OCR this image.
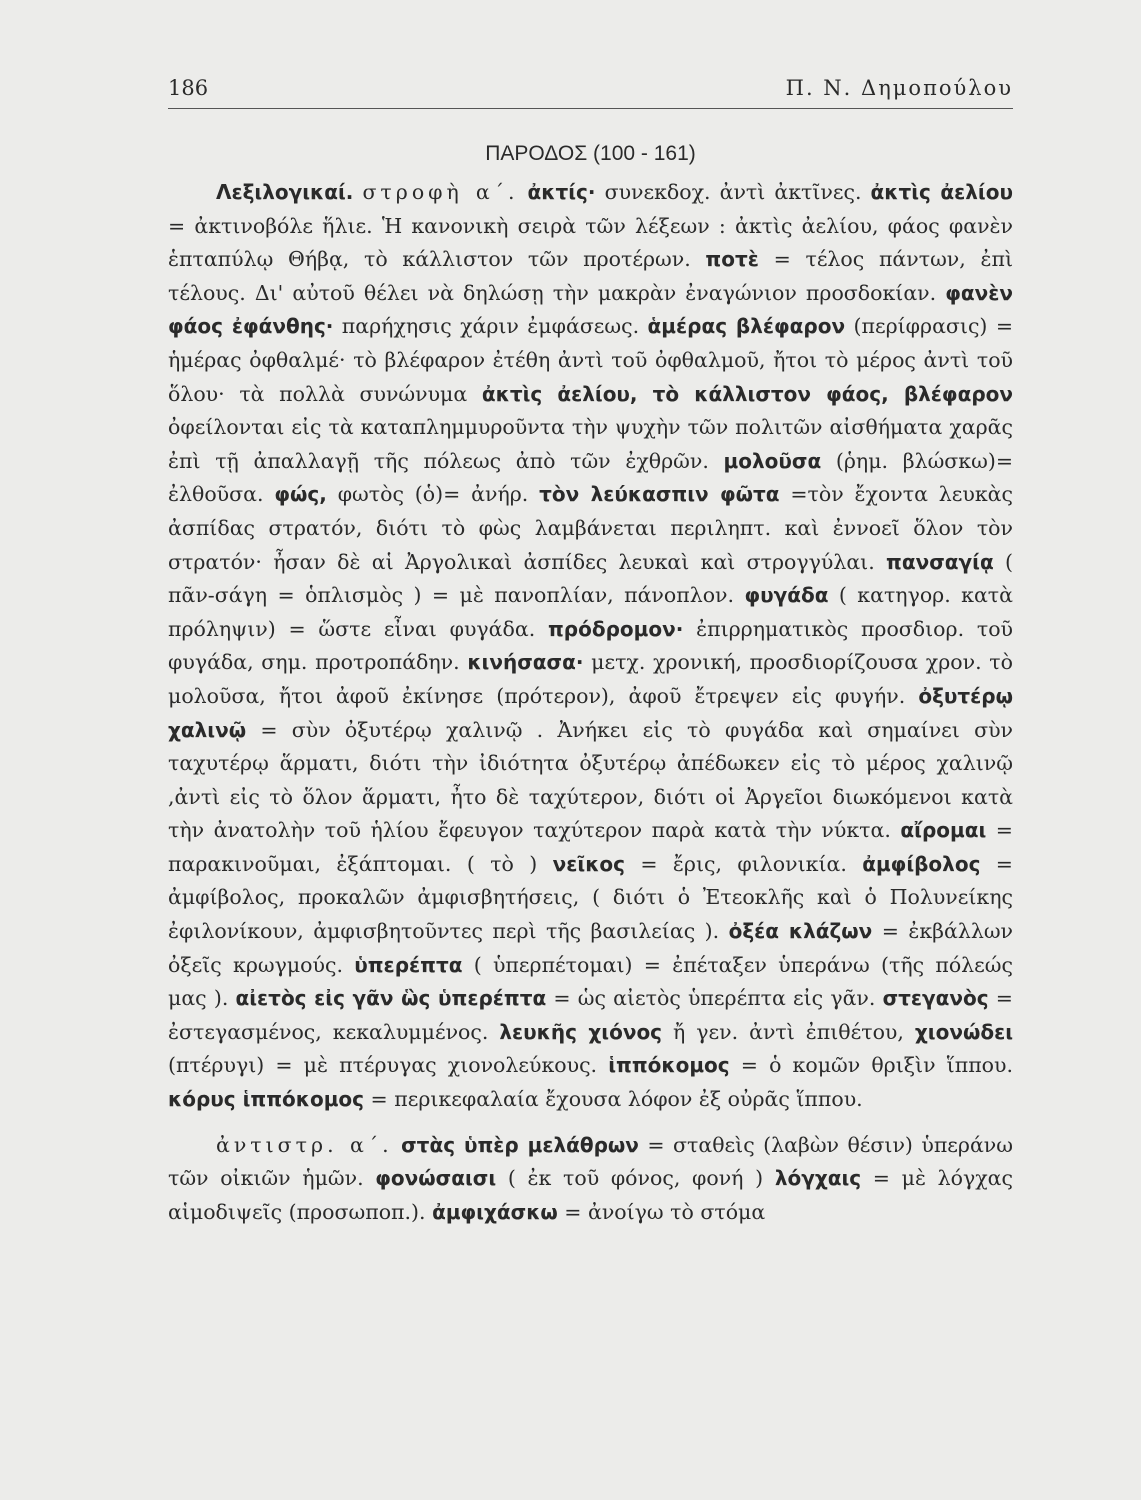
186	Π. Ν. Δημοπούλου
ΠΑΡΟΔΟΣ (100 - 161)

Λεξιλογικαί. στροφὴ α΄. ἀκτίς· συνεκδοχ. ἀντὶ ἀκτῖνες. ἀκτὶς ἀελίου = ἀκτινοβόλε ἥλιε. Ἡ κανονικὴ σειρὰ τῶν λέξεων : ἀκτὶς ἀελίου, φάος φανὲν ἑπταπύλῳ Θήβᾳ, τὸ κάλλιστον τῶν προτέρων. ποτὲ = τέλος πάντων, ἐπὶ τέλους. Δι' αὐτοῦ θέλει νὰ δηλώσῃ τὴν μακρὰν ἐναγώνιον προσδοκίαν. φανὲν φάος ἐφάνθης· παρήχησις χάριν ἐμφάσεως. ἁμέρας βλέφαρον (περίφρασις) = ἡμέρας ὀφθαλμέ· τὸ βλέφαρον ἐτέθη ἀντὶ τοῦ ὀφθαλμοῦ, ἤτοι τὸ μέρος ἀντὶ τοῦ ὅλου· τὰ πολλὰ συνώνυμα ἀκτὶς ἀελίου, τὸ κάλλιστον φάος, βλέφαρον ὀφείλονται εἰς τὰ καταπλημμυροῦντα τὴν ψυχὴν τῶν πολιτῶν αἰσθήματα χαρᾶς ἐπὶ τῇ ἀπαλλαγῇ τῆς πόλεως ἀπὸ τῶν ἐχθρῶν. μολοῦσα (ῥημ. βλώσκω)= ἐλθοῦσα. φώς, φωτὸς (ὁ)= ἀνήρ. τὸν λεύκασπιν φῶτα =τὸν ἔχοντα λευκὰς ἀσπίδας στρατόν, διότι τὸ φὼς λαμβάνεται περιληπτ. καὶ ἐννοεῖ ὅλον τὸν στρατόν· ἦσαν δὲ αἱ Ἀργολικαὶ ἀσπίδες λευκαὶ καὶ στρογγύλαι. πανσαγίᾳ ( πᾶν-σάγη = ὁπλισμὸς ) = μὲ πανοπλίαν, πάνοπλον. φυγάδα ( κατηγορ. κατὰ πρόληψιν) = ὥστε εἶναι φυγάδα. πρόδρομον· ἐπιρρηματικὸς προσδιορ. τοῦ φυγάδα, σημ. προτροπάδην. κινήσασα· μετχ. χρονική, προσδιορίζουσα χρον. τὸ μολοῦσα, ἤτοι ἀφοῦ ἐκίνησε (πρότερον), ἀφοῦ ἔτρεψεν εἰς φυγήν. ὀξυτέρῳ χαλινῷ = σὺν ὀξυτέρῳ χαλινῷ . Ἀνήκει εἰς τὸ φυγάδα καὶ σημαίνει σὺν ταχυτέρῳ ἅρματι, διότι τὴν ἰδιότητα ὀξυτέρῳ ἀπέδωκεν εἰς τὸ μέρος χαλινῷ ,ἀντὶ εἰς τὸ ὅλον ἅρματι, ἦτο δὲ ταχύτερον, διότι οἱ Ἀργεῖοι διωκόμενοι κατὰ τὴν ἀνατολὴν τοῦ ἡλίου ἔφευγον ταχύτερον παρὰ κατὰ τὴν νύκτα. αἴρομαι = παρακινοῦμαι, ἐξάπτομαι. ( τὸ ) νεῖκος = ἔρις, φιλονικία. ἀμφίβολος = ἀμφίβολος, προκαλῶν ἀμφισβητήσεις, ( διότι ὁ Ἐτεοκλῆς καὶ ὁ Πολυνείκης ἐφιλονίκουν, ἀμφισβητοῦντες περὶ τῆς βασιλείας ). ὀξέα κλάζων = ἐκβάλλων ὀξεῖς κρωγμούς. ὑπερέπτα ( ὑπερπέτομαι) = ἐπέταξεν ὑπεράνω (τῆς πόλεώς μας ). αἰετὸς εἰς γᾶν ὣς ὑπερέπτα = ὡς αἰετὸς ὑπερέπτα εἰς γᾶν. στεγανὸς = ἐστεγασμένος, κεκαλυμμένος. λευκῆς χιόνος ἤ γεν. ἀντὶ ἐπιθέτου, χιονώδει (πτέρυγι) = μὲ πτέρυγας χιονολεύκους. ἱππόκομος = ὁ κομῶν θριξὶν ἵππου. κόρυς ἱππόκομος = περικεφαλαία ἔχουσα λόφον ἐξ οὐρᾶς ἵππου.

ἀντιστρ. α΄. στὰς ὑπὲρ μελάθρων = σταθεὶς (λαβὼν θέσιν) ὑπεράνω τῶν οἰκιῶν ἡμῶν. φονώσαισι ( ἐκ τοῦ φόνος, φονή ) λόγχαις = μὲ λόγχας αἱμοδιψεῖς (προσωποπ.). ἀμφιχάσκω = ἀνοίγω τὸ στόμα
